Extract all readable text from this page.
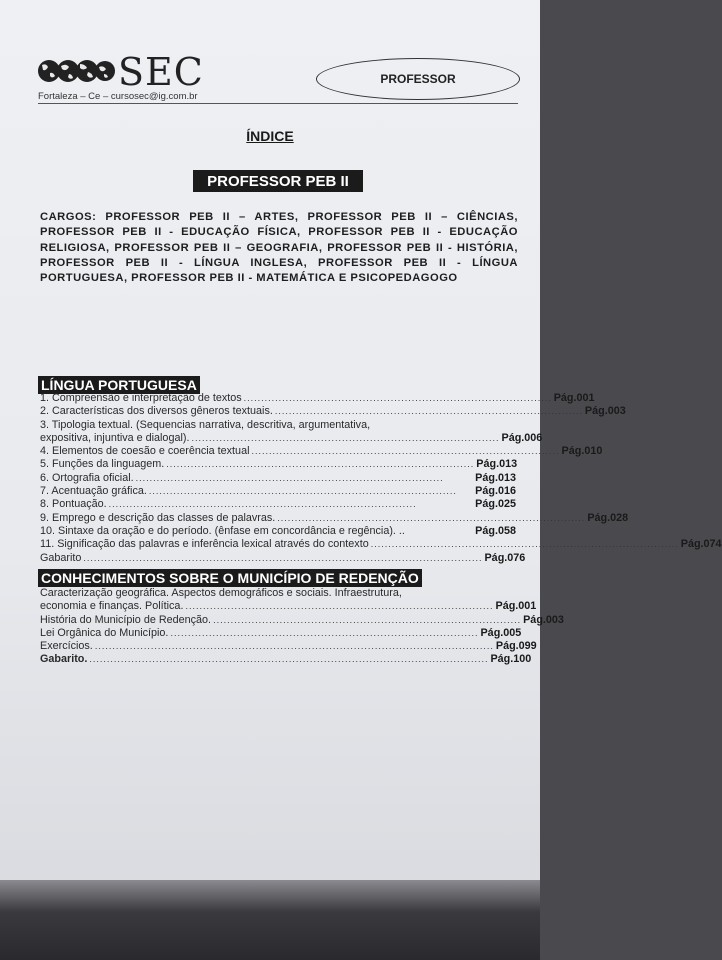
SEC
Fortaleza – Ce – cursosec@ig.com.br
PROFESSOR
ÍNDICE
PROFESSOR PEB II
CARGOS: PROFESSOR PEB II – ARTES, PROFESSOR PEB II – CIÊNCIAS, PROFESSOR PEB II - EDUCAÇÃO FÍSICA, PROFESSOR PEB II - EDUCAÇÃO RELIGIOSA, PROFESSOR PEB II – GEOGRAFIA, PROFESSOR PEB II - HISTÓRIA, PROFESSOR PEB II - LÍNGUA INGLESA, PROFESSOR PEB II - LÍNGUA PORTUGUESA, PROFESSOR PEB II - MATEMÁTICA E PSICOPEDAGOGO
LÍNGUA PORTUGUESA
1. Compreensão e interpretação de textos ........................................................................................ Pág.001
2. Características dos diversos gêneros textuais. ........................................................................................ Pág.003
3. Tipologia textual. (Sequencias narrativa, descritiva, argumentativa,
expositiva, injuntiva e dialogal). ........................................................................................ Pág.006
4. Elementos de coesão e coerência textual ........................................................................................ Pág.010
5. Funções da linguagem. ........................................................................................ Pág.013
6. Ortografia oficial. ........................................................................................	Pág.013
7. Acentuação gráfica. ........................................................................................	Pág.016
8. Pontuação. ........................................................................................	Pág.025
9. Emprego e descrição das classes de palavras. ........................................................................................ Pág.028
10. Sintaxe da oração e do período. (ênfase em concordância e regência). ..	Pág.058
11. Significação das palavras e inferência lexical através do contexto ........................................................................................ Pág.074
Gabarito .................................................................................................................. Pág.076
CONHECIMENTOS SOBRE O MUNICÍPIO DE REDENÇÃO
Caracterização geográfica. Aspectos demográficos e sociais. Infraestrutura,
economia e finanças. Política. ........................................................................................ Pág.001
História do Município de Redenção. ........................................................................................ Pág.003
Lei Orgânica do Município. ........................................................................................ Pág.005
Exercícios. .................................................................................................................. Pág.099
Gabarito. .................................................................................................................. Pág.100
